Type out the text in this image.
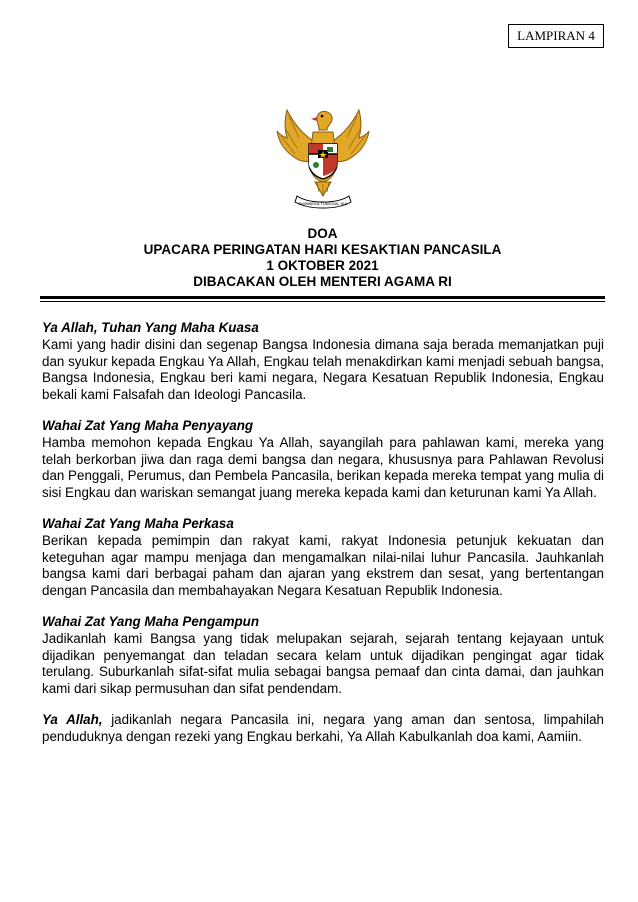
LAMPIRAN 4
BHINNEKA TUNGGAL IKA
DOA
UPACARA PERINGATAN HARI KESAKTIAN PANCASILA
1 OKTOBER 2021
DIBACAKAN OLEH MENTERI AGAMA RI
Ya Allah, Tuhan Yang Maha Kuasa
Kami yang hadir disini dan segenap Bangsa Indonesia dimana saja berada memanjatkan puji dan syukur kepada Engkau Ya Allah, Engkau telah menakdirkan kami menjadi sebuah bangsa, Bangsa Indonesia, Engkau beri kami negara, Negara Kesatuan Republik Indonesia, Engkau bekali kami Falsafah dan Ideologi Pancasila.
Wahai Zat Yang Maha Penyayang
Hamba memohon kepada Engkau Ya Allah, sayangilah para pahlawan kami, mereka yang telah berkorban jiwa dan raga demi bangsa dan negara, khususnya para Pahlawan Revolusi dan Penggali, Perumus, dan Pembela Pancasila, berikan kepada mereka tempat yang mulia di sisi Engkau dan wariskan semangat juang mereka kepada kami dan keturunan kami Ya Allah.
Wahai Zat Yang Maha Perkasa
Berikan kepada pemimpin dan rakyat kami, rakyat Indonesia petunjuk kekuatan dan keteguhan agar mampu menjaga dan mengamalkan nilai-nilai luhur Pancasila. Jauhkanlah bangsa kami dari berbagai paham dan ajaran yang ekstrem dan sesat, yang bertentangan dengan Pancasila dan membahayakan Negara Kesatuan Republik Indonesia.
Wahai Zat Yang Maha Pengampun
Jadikanlah kami Bangsa yang tidak melupakan sejarah, sejarah tentang kejayaan untuk dijadikan penyemangat dan teladan secara kelam untuk dijadikan pengingat agar tidak terulang. Suburkanlah sifat-sifat mulia sebagai bangsa pemaaf dan cinta damai, dan jauhkan kami dari sikap permusuhan dan sifat pendendam.
Ya Allah, jadikanlah negara Pancasila ini, negara yang aman dan sentosa, limpahilah penduduknya dengan rezeki yang Engkau berkahi, Ya Allah Kabulkanlah doa kami, Aamiin.
